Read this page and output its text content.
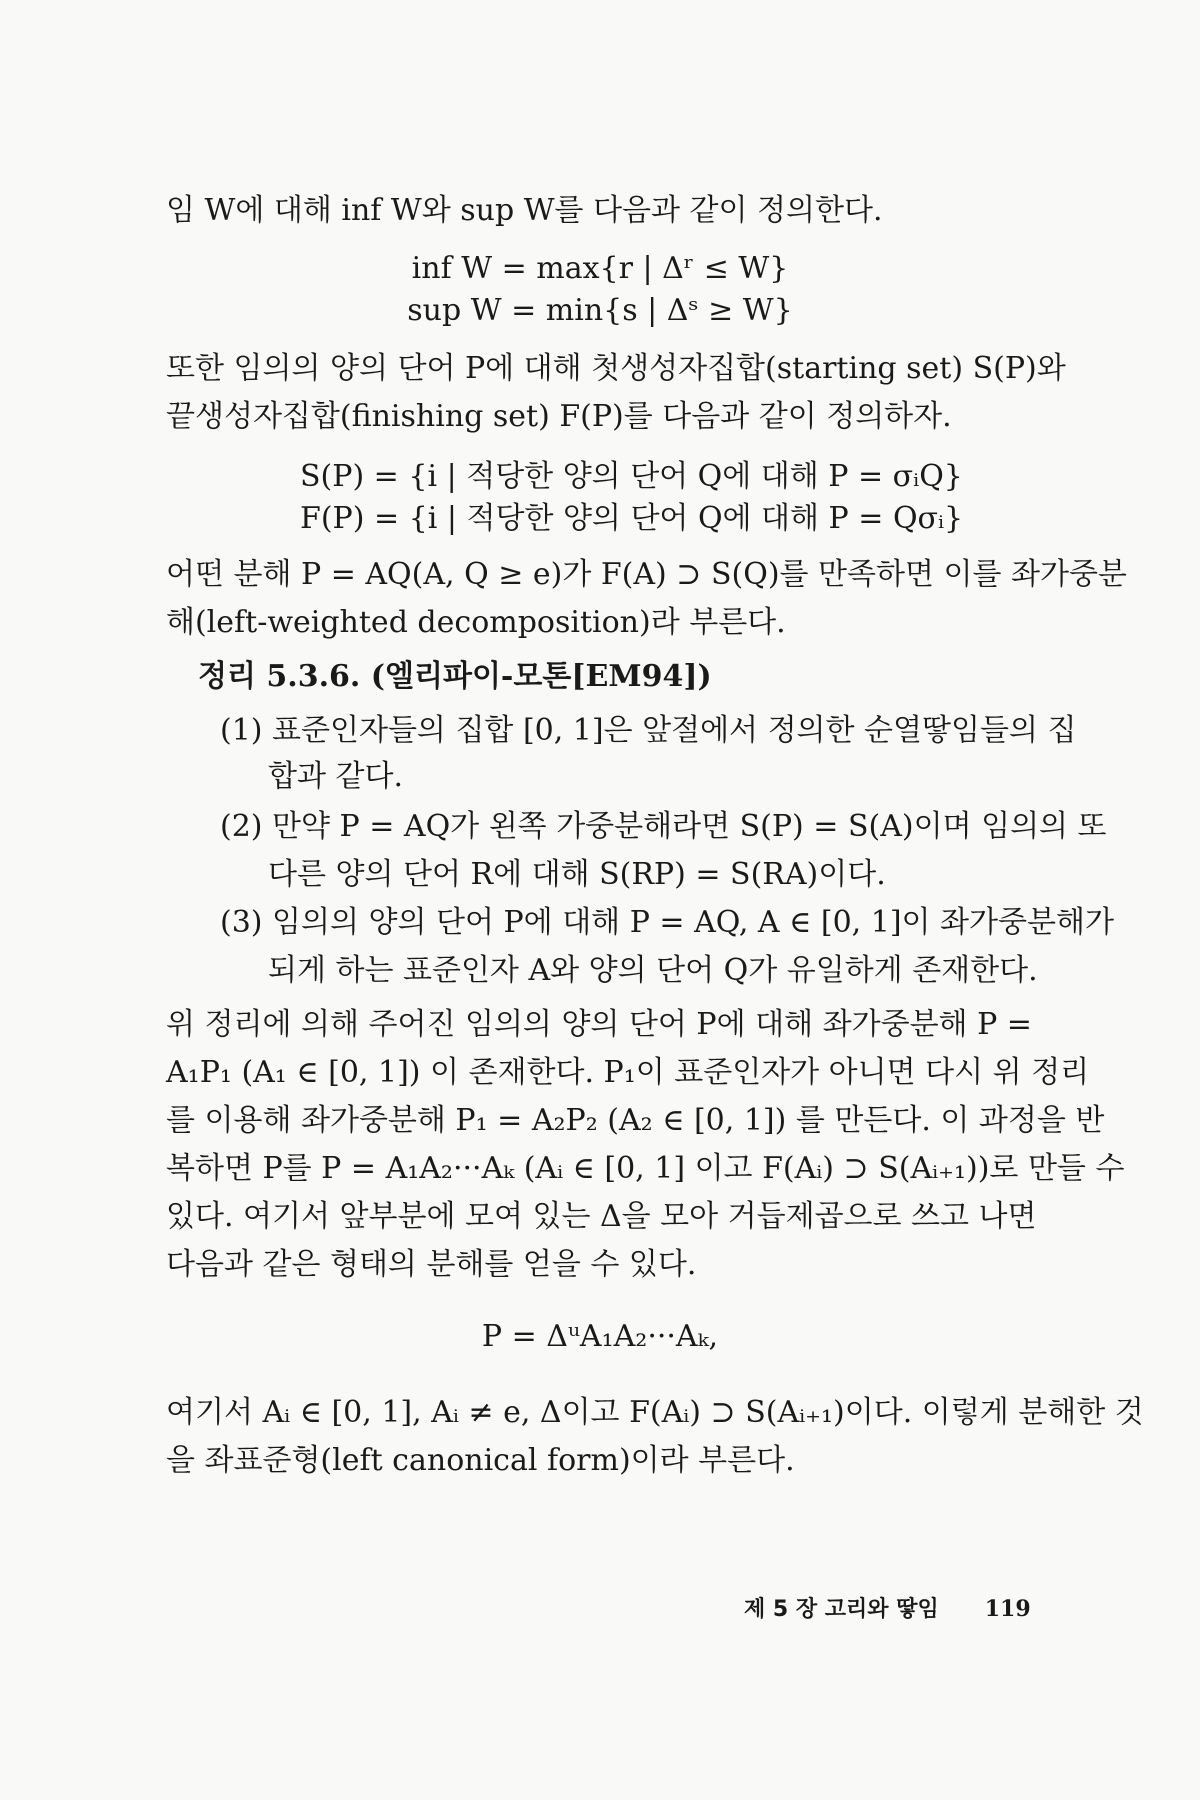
임 W에 대해 inf W와 sup W를 다음과 같이 정의한다.
inf W = max{r | Δʳ ≤ W}
sup W = min{s | Δˢ ≥ W}
또한 임의의 양의 단어 P에 대해 첫생성자집합(starting set) S(P)와
끝생성자집합(finishing set) F(P)를 다음과 같이 정의하자.
S(P) = {i | 적당한 양의 단어 Q에 대해 P = σᵢQ}
F(P) = {i | 적당한 양의 단어 Q에 대해 P = Qσᵢ}
어떤 분해 P = AQ(A, Q ≥ e)가 F(A) ⊃ S(Q)를 만족하면 이를 좌가중분
해(left-weighted decomposition)라 부른다.
정리 5.3.6. (엘리파이-모톤[EM94])
(1) 표준인자들의 집합 [0, 1]은 앞절에서 정의한 순열땋임들의 집
합과 같다.
(2) 만약 P = AQ가 왼쪽 가중분해라면 S(P) = S(A)이며 임의의 또
다른 양의 단어 R에 대해 S(RP) = S(RA)이다.
(3) 임의의 양의 단어 P에 대해 P = AQ, A ∈ [0, 1]이 좌가중분해가
되게 하는 표준인자 A와 양의 단어 Q가 유일하게 존재한다.
위 정리에 의해 주어진 임의의 양의 단어 P에 대해 좌가중분해 P =
A₁P₁ (A₁ ∈ [0, 1]) 이 존재한다. P₁이 표준인자가 아니면 다시 위 정리
를 이용해 좌가중분해 P₁ = A₂P₂ (A₂ ∈ [0, 1]) 를 만든다. 이 과정을 반
복하면 P를 P = A₁A₂···Aₖ (Aᵢ ∈ [0, 1] 이고 F(Aᵢ) ⊃ S(Aᵢ₊₁))로 만들 수
있다. 여기서 앞부분에 모여 있는 Δ을 모아 거듭제곱으로 쓰고 나면
다음과 같은 형태의 분해를 얻을 수 있다.
P = ΔᵘA₁A₂···Aₖ,
여기서 Aᵢ ∈ [0, 1], Aᵢ ≠ e, Δ이고 F(Aᵢ) ⊃ S(Aᵢ₊₁)이다. 이렇게 분해한 것
을 좌표준형(left canonical form)이라 부른다.
제 5 장 고리와 땋임 119
